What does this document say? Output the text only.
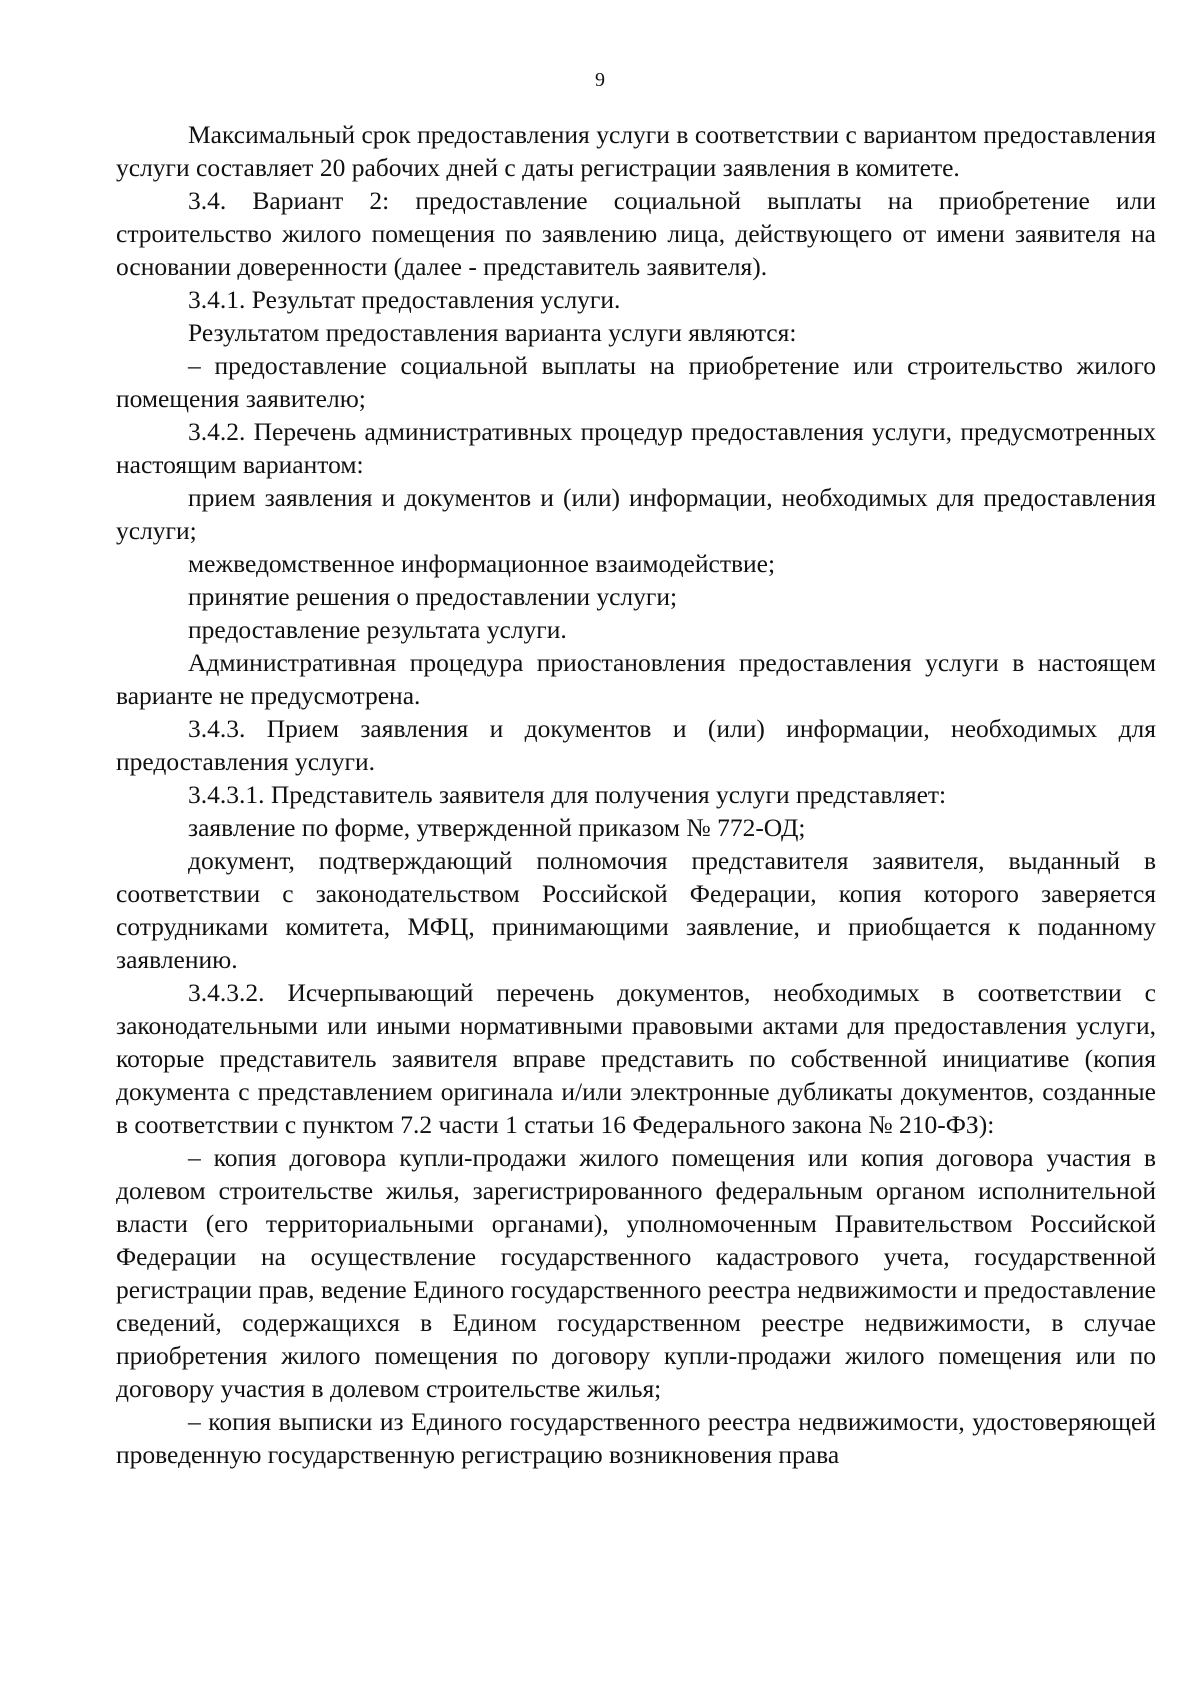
9

Максимальный срок предоставления услуги в соответствии с вариантом предоставления услуги составляет 20 рабочих дней с даты регистрации заявления в комитете.

3.4. Вариант 2: предоставление социальной выплаты на приобретение или строительство жилого помещения по заявлению лица, действующего от имени заявителя на основании доверенности (далее - представитель заявителя).

3.4.1. Результат предоставления услуги.

Результатом предоставления варианта услуги являются:

– предоставление социальной выплаты на приобретение или строительство жилого помещения заявителю;

3.4.2. Перечень административных процедур предоставления услуги, предусмотренных настоящим вариантом:

прием заявления и документов и (или) информации, необходимых для предоставления услуги;

межведомственное информационное взаимодействие;

принятие решения о предоставлении услуги;

предоставление результата услуги.

Административная процедура приостановления предоставления услуги в настоящем варианте не предусмотрена.

3.4.3. Прием заявления и документов и (или) информации, необходимых для предоставления услуги.

3.4.3.1. Представитель заявителя для получения услуги представляет:

заявление по форме, утвержденной приказом № 772-ОД;

документ, подтверждающий полномочия представителя заявителя, выданный в соответствии с законодательством Российской Федерации, копия которого заверяется сотрудниками комитета, МФЦ, принимающими заявление, и приобщается к поданному заявлению.

3.4.3.2. Исчерпывающий перечень документов, необходимых в соответствии с законодательными или иными нормативными правовыми актами для предоставления услуги, которые представитель заявителя вправе представить по собственной инициативе (копия документа с представлением оригинала и/или электронные дубликаты документов, созданные в соответствии с пунктом 7.2 части 1 статьи 16 Федерального закона № 210-ФЗ):

– копия договора купли-продажи жилого помещения или копия договора участия в долевом строительстве жилья, зарегистрированного федеральным органом исполнительной власти (его территориальными органами), уполномоченным Правительством Российской Федерации на осуществление государственного кадастрового учета, государственной регистрации прав, ведение Единого государственного реестра недвижимости и предоставление сведений, содержащихся в Едином государственном реестре недвижимости, в случае приобретения жилого помещения по договору купли-продажи жилого помещения или по договору участия в долевом строительстве жилья;

– копия выписки из Единого государственного реестра недвижимости, удостоверяющей проведенную государственную регистрацию возникновения права
